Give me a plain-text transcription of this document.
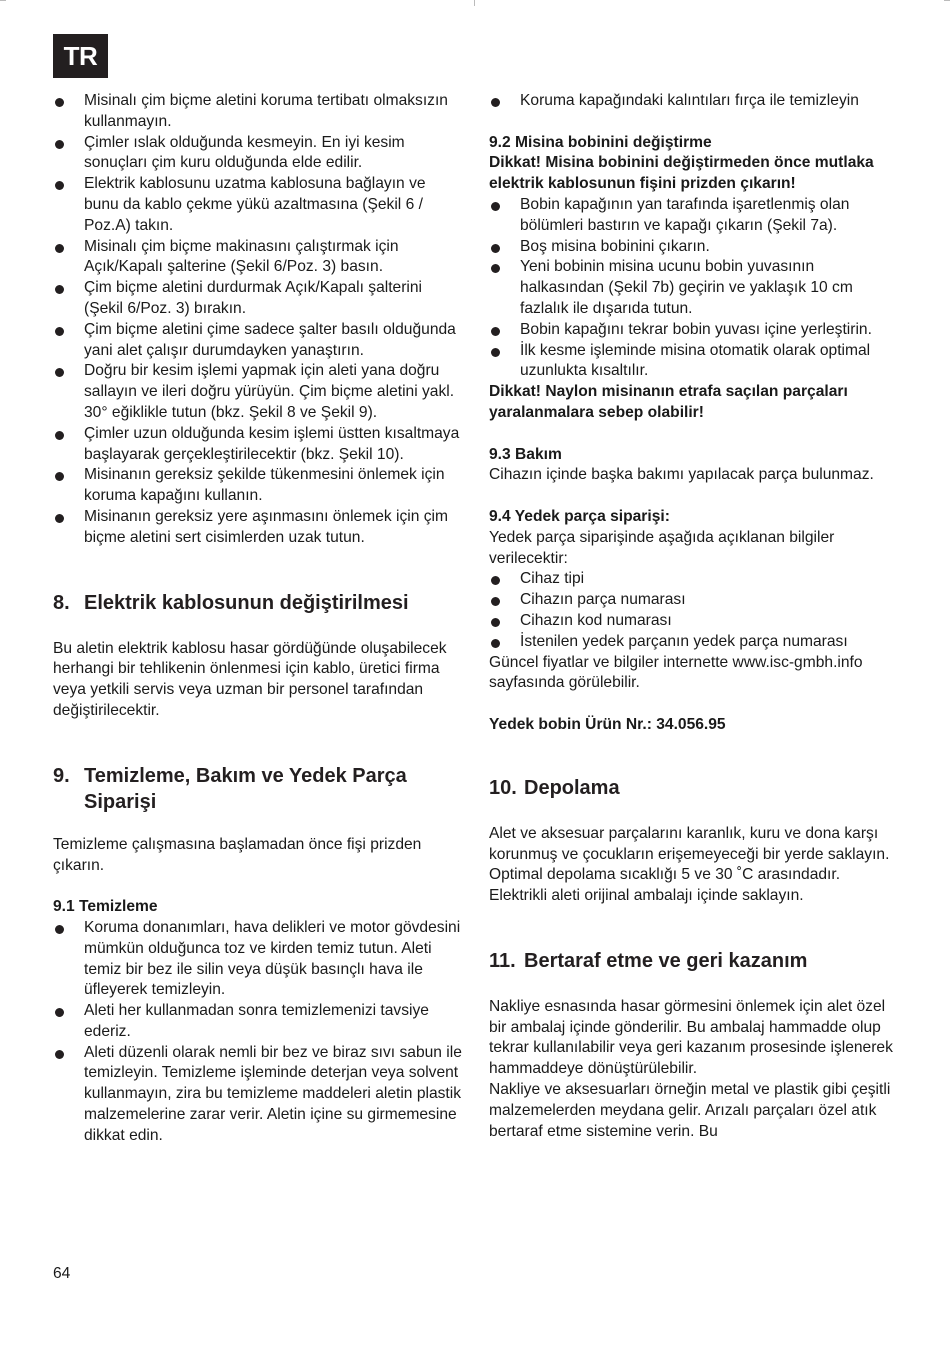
TR
Misinalı çim biçme aletini koruma tertibatı olmaksızın kullanmayın.
Çimler ıslak olduğunda kesmeyin. En iyi kesim sonuçları çim kuru olduğunda elde edilir.
Elektrik kablosunu uzatma kablosuna bağlayın ve bunu da kablo çekme yükü azaltmasına (Şekil 6 / Poz.A) takın.
Misinalı çim biçme makinasını çalıştırmak için Açık/Kapalı şalterine (Şekil 6/Poz. 3) basın.
Çim biçme aletini durdurmak Açık/Kapalı şalterini (Şekil 6/Poz. 3) bırakın.
Çim biçme aletini çime sadece şalter basılı olduğunda yani alet çalışır durumdayken yanaştırın.
Doğru bir kesim işlemi yapmak için aleti yana doğru sallayın ve ileri doğru yürüyün. Çim biçme aletini yakl. 30° eğiklikle tutun (bkz. Şekil 8 ve Şekil 9).
Çimler uzun olduğunda kesim işlemi üstten kısaltmaya başlayarak gerçekleştirilecektir (bkz. Şekil 10).
Misinanın gereksiz şekilde tükenmesini önlemek için koruma kapağını kullanın.
Misinanın gereksiz yere aşınmasını önlemek için çim biçme aletini sert cisimlerden uzak tutun.
8. Elektrik kablosunun değiştirilmesi

Bu aletin elektrik kablosu hasar gördüğünde oluşabilecek herhangi bir tehlikenin önlenmesi için kablo, üretici firma veya yetkili servis veya uzman bir personel tarafından değiştirilecektir.

9. Temizleme, Bakım ve Yedek Parça Siparişi

Temizleme çalışmasına başlamadan önce fişi prizden çıkarın.

9.1 Temizleme

Koruma donanımları, hava delikleri ve motor gövdesini mümkün olduğunca toz ve kirden temiz tutun. Aleti temiz bir bez ile silin veya düşük basınçlı hava ile üfleyerek temizleyin.
Aleti her kullanmadan sonra temizlemenizi tavsiye ederiz.
Aleti düzenli olarak nemli bir bez ve biraz sıvı sabun ile temizleyin. Temizleme işleminde deterjan veya solvent kullanmayın, zira bu temizleme maddeleri aletin plastik malzemelerine zarar verir. Aletin içine su girmemesine dikkat edin.
Koruma kapağındaki kalıntıları fırça ile temizleyin

9.2 Misina bobinini değiştirme

Dikkat! Misina bobinini değiştirmeden önce mutlaka elektrik kablosunun fişini prizden çıkarın!

Bobin kapağının yan tarafında işaretlenmiş olan bölümleri bastırın ve kapağı çıkarın (Şekil 7a).
Boş misina bobinini çıkarın.
Yeni bobinin misina ucunu bobin yuvasının halkasından (Şekil 7b) geçirin ve yaklaşık 10 cm fazlalık ile dışarıda tutun.
Bobin kapağını tekrar bobin yuvası içine yerleştirin.
İlk kesme işleminde misina otomatik olarak optimal uzunlukta kısaltılır.

Dikkat! Naylon misinanın etrafa saçılan parçaları yaralanmalara sebep olabilir!

9.3 Bakım

Cihazın içinde başka bakımı yapılacak parça bulunmaz.

9.4 Yedek parça siparişi:

Yedek parça siparişinde aşağıda açıklanan bilgiler verilecektir:

Cihaz tipi
Cihazın parça numarası
Cihazın kod numarası
İstenilen yedek parçanın yedek parça numarası

Güncel fiyatlar ve bilgiler internette www.isc-gmbh.info sayfasında görülebilir.

Yedek bobin Ürün Nr.: 34.056.95

10. Depolama

Alet ve aksesuar parçalarını karanlık, kuru ve dona karşı korunmuş ve çocukların erişemeyeceği bir yerde saklayın. Optimal depolama sıcaklığı 5 ve 30 ˚C arasındadır. Elektrikli aleti orijinal ambalajı içinde saklayın.

11. Bertaraf etme ve geri kazanım

Nakliye esnasında hasar görmesini önlemek için alet özel bir ambalaj içinde gönderilir. Bu ambalaj hammadde olup tekrar kullanılabilir veya geri kazanım prosesinde işlenerek hammaddeye dönüştürülebilir.

Nakliye ve aksesuarları örneğin metal ve plastik gibi çeşitli malzemelerden meydana gelir. Arızalı parçaları özel atık bertaraf etme sistemine verin. Bu

64
